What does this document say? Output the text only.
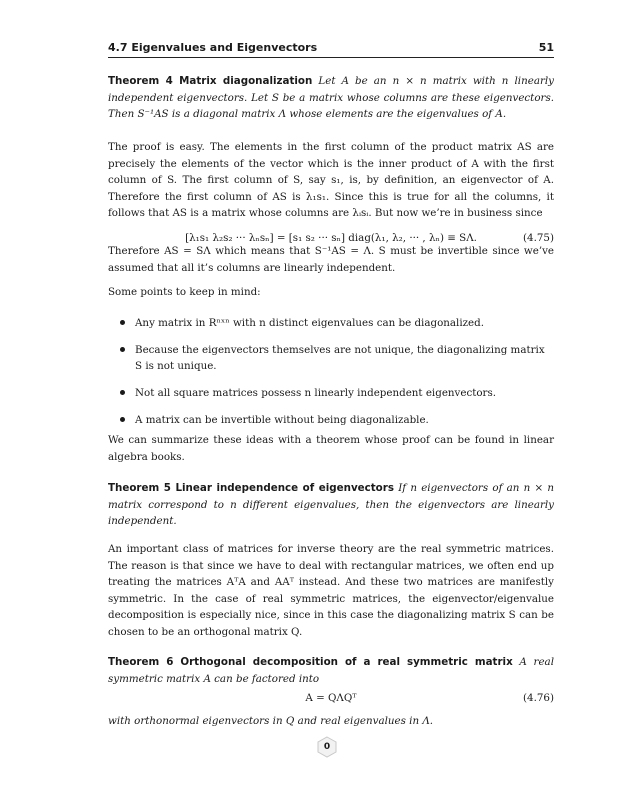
4.7 Eigenvalues and Eigenvectors	51
Theorem 4 Matrix diagonalization Let A be an n × n matrix with n linearly independent eigenvectors. Let S be a matrix whose columns are these eigenvectors. Then S⁻¹AS is a diagonal matrix Λ whose elements are the eigenvalues of A.
The proof is easy. The elements in the first column of the product matrix AS are precisely the elements of the vector which is the inner product of A with the first column of S. The first column of S, say s₁, is, by definition, an eigenvector of A. Therefore the first column of AS is λ₁s₁. Since this is true for all the columns, it follows that AS is a matrix whose columns are λᵢsᵢ. But now we’re in business since
[λ₁s₁ λ₂s₂ ··· λₙsₙ] = [s₁ s₂ ··· sₙ] diag(λ₁, λ₂, ··· , λₙ) ≡ SΛ.	(4.75)
Therefore AS = SΛ which means that S⁻¹AS = Λ. S must be invertible since we’ve assumed that all it’s columns are linearly independent.
Some points to keep in mind:
Any matrix in Rⁿˣⁿ with n distinct eigenvalues can be diagonalized.
Because the eigenvectors themselves are not unique, the diagonalizing matrix S is not unique.
Not all square matrices possess n linearly independent eigenvectors.
A matrix can be invertible without being diagonalizable.
We can summarize these ideas with a theorem whose proof can be found in linear algebra books.
Theorem 5 Linear independence of eigenvectors If n eigenvectors of an n × n matrix correspond to n different eigenvalues, then the eigenvectors are linearly independent.
An important class of matrices for inverse theory are the real symmetric matrices. The reason is that since we have to deal with rectangular matrices, we often end up treating the matrices AᵀA and AAᵀ instead. And these two matrices are manifestly symmetric. In the case of real symmetric matrices, the eigenvector/eigenvalue decomposition is especially nice, since in this case the diagonalizing matrix S can be chosen to be an orthogonal matrix Q.
Theorem 6 Orthogonal decomposition of a real symmetric matrix A real symmetric matrix A can be factored into
A = QΛQᵀ	(4.76)
with orthonormal eigenvectors in Q and real eigenvalues in Λ.
0
